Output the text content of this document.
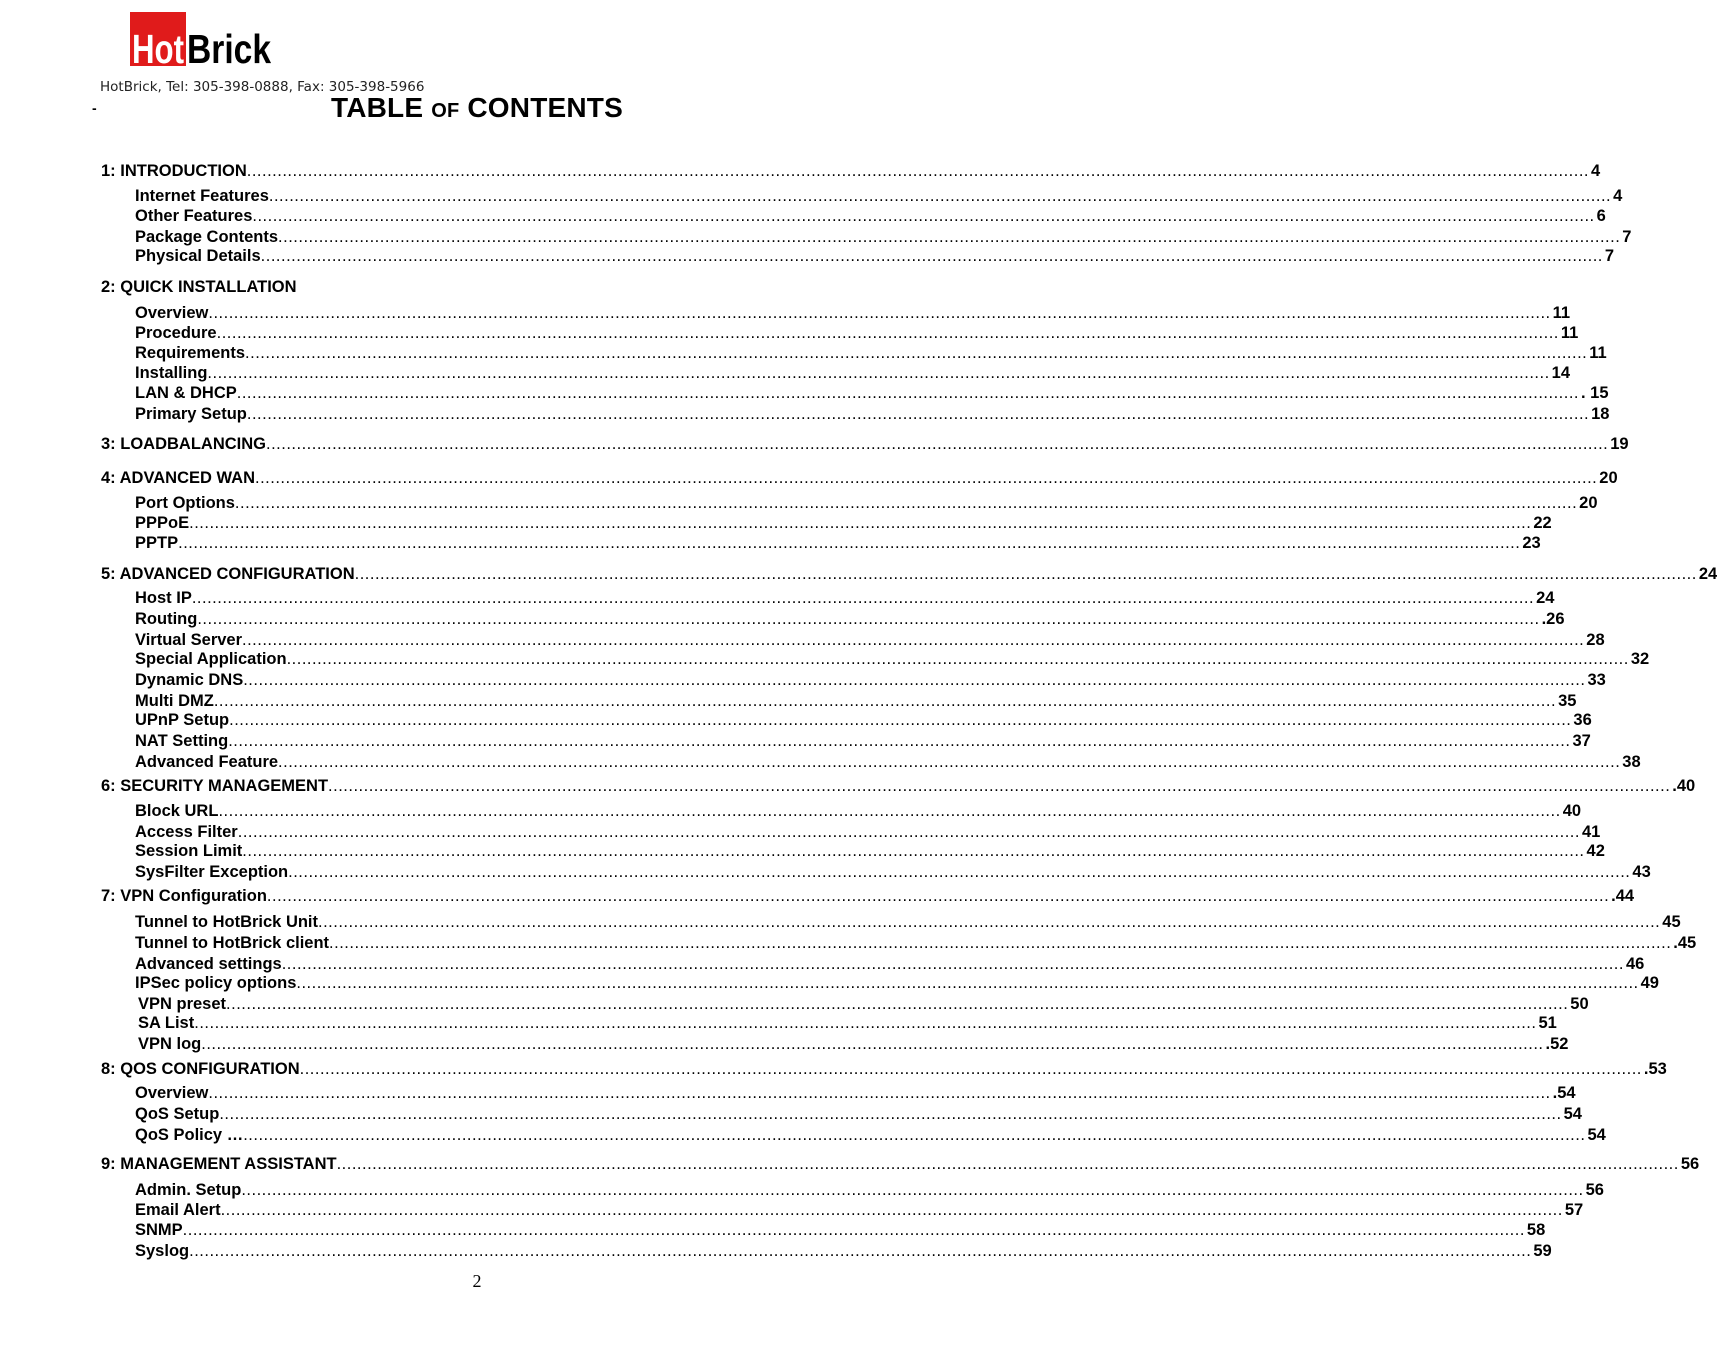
Hot Brick
HotBrick, Tel: 305-398-0888, Fax: 305-398-5966
-	TABLE OF CONTENTS
1: INTRODUCTION .....	4
Internet Features .....	4
Other Features .....	6
Package Contents .....	7
Physical Details .....	7
2: QUICK INSTALLATION
Overview .....	11
Procedure .....	11
Requirements .....	11
Installing .....	14
LAN & DHCP .....	. 15
Primary Setup .....	18
3: LOADBALANCING .....	19
4: ADVANCED WAN .....	20
Port Options .....	20
PPPoE .....	22
PPTP .....	23
5: ADVANCED CONFIGURATION .....	24
Host IP .....	24
Routing .....	.26
Virtual Server .....	28
Special Application .....	32
Dynamic DNS .....	33
Multi DMZ .....	35
UPnP Setup .....	36
NAT Setting .....	37
Advanced Feature .....	38
6: SECURITY MANAGEMENT .....	.40
Block URL .....	40
Access Filter .....	41
Session Limit .....	42
SysFilter Exception .....	43
7: VPN Configuration .....	.44
Tunnel to HotBrick Unit .....	45
Tunnel to HotBrick client .....	.45
Advanced settings .....	46
IPSec policy options .....	49
VPN preset .....	50
SA List .....	51
VPN log .....	.52
8: QOS CONFIGURATION .....	.53
Overview .....	.54
QoS Setup .....	54
QoS Policy … .....	54
9: MANAGEMENT ASSISTANT .....	56
Admin. Setup .....	56
Email Alert .....	57
SNMP .....	58
Syslog .....	59
2
